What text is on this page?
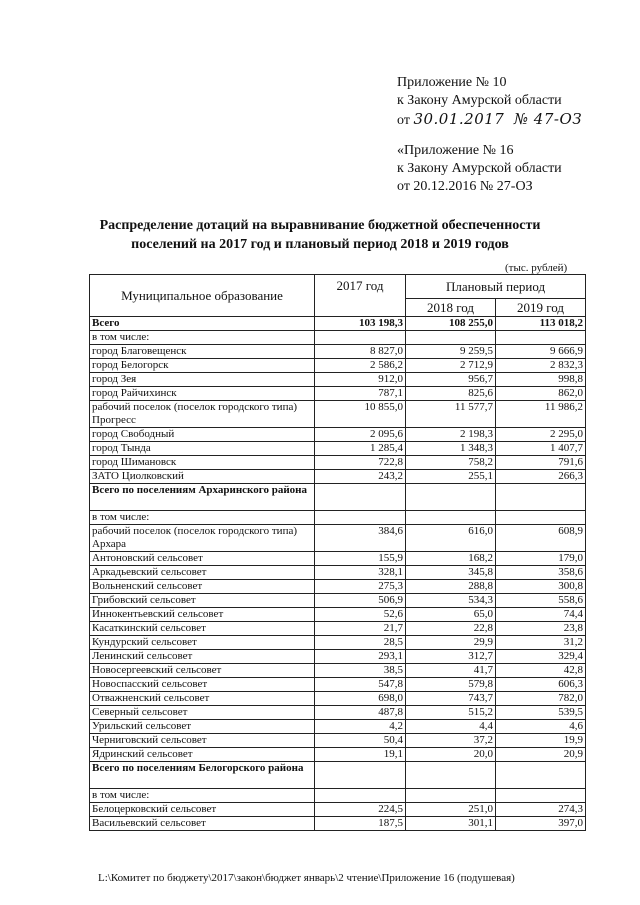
Приложение № 10
к Закону Амурской области
от 30.01.2017 № 47-ОЗ
«Приложение № 16
к Закону Амурской области
от 20.12.2016 № 27-ОЗ
Распределение дотаций на выравнивание бюджетной обеспеченности
поселений на 2017 год и плановый период 2018 и 2019 годов
(тыс. рублей)
Муниципальное образование	2017 год	Плановый период	
		2018 год	2019 год
Всего	103 198,3	108 255,0	113 018,2
в том числе:			
город Благовещенск	8 827,0	9 259,5	9 666,9
город Белогорск	2 586,2	2 712,9	2 832,3
город Зея	912,0	956,7	998,8
город Райчихинск	787,1	825,6	862,0
рабочий поселок (поселок городского типа) Прогресс	10 855,0	11 577,7	11 986,2
город Свободный	2 095,6	2 198,3	2 295,0
город Тында	1 285,4	1 348,3	1 407,7
город Шимановск	722,8	758,2	791,6
ЗАТО Циолковский	243,2	255,1	266,3
Всего по поселениям Архаринского района			
в том числе:			
рабочий поселок (поселок городского типа) Архара	384,6	616,0	608,9
Антоновский сельсовет	155,9	168,2	179,0
Аркадьевский сельсовет	328,1	345,8	358,6
Вольненский сельсовет	275,3	288,8	300,8
Грибовский сельсовет	506,9	534,3	558,6
Иннокентьевский сельсовет	52,6	65,0	74,4
Касаткинский сельсовет	21,7	22,8	23,8
Кундурский сельсовет	28,5	29,9	31,2
Ленинский сельсовет	293,1	312,7	329,4
Новосергеевский сельсовет	38,5	41,7	42,8
Новоспасский сельсовет	547,8	579,8	606,3
Отважненский сельсовет	698,0	743,7	782,0
Северный сельсовет	487,8	515,2	539,5
Урильский сельсовет	4,2	4,4	4,6
Черниговский сельсовет	50,4	37,2	19,9
Ядринский сельсовет	19,1	20,0	20,9
Всего по поселениям Белогорского района			
в том числе:			
Белоцерковский сельсовет	224,5	251,0	274,3
Васильевский сельсовет	187,5	301,1	397,0
L:\Комитет по бюджету\2017\закон\бюджет январь\2 чтение\Приложение 16 (подушевая)
